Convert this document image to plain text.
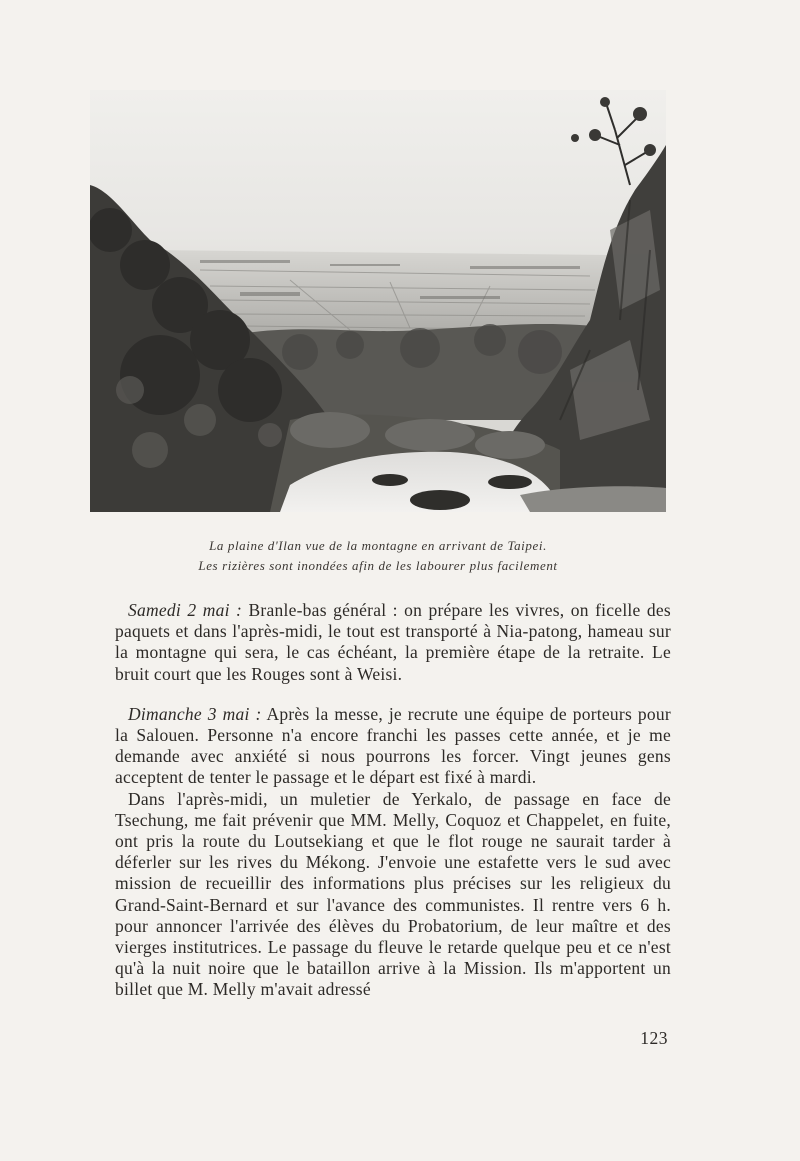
La plaine d'Ilan vue de la montagne en arrivant de Taipei.
Les rizières sont inondées afin de les labourer plus facilement

Samedi 2 mai : Branle-bas général : on prépare les vivres, on ficelle des paquets et dans l'après-midi, le tout est transporté à Nia-patong, hameau sur la montagne qui sera, le cas échéant, la première étape de la retraite. Le bruit court que les Rouges sont à Weisi.

Dimanche 3 mai : Après la messe, je recrute une équipe de porteurs pour la Salouen. Personne n'a encore franchi les passes cette année, et je me demande avec anxiété si nous pourrons les forcer. Vingt jeunes gens acceptent de tenter le passage et le départ est fixé à mardi.

Dans l'après-midi, un muletier de Yerkalo, de passage en face de Tsechung, me fait prévenir que MM. Melly, Coquoz et Chappelet, en fuite, ont pris la route du Loutsekiang et que le flot rouge ne saurait tarder à déferler sur les rives du Mékong. J'envoie une estafette vers le sud avec mission de recueillir des informations plus précises sur les religieux du Grand-Saint-Bernard et sur l'avance des communistes. Il rentre vers 6 h. pour annoncer l'arrivée des élèves du Probatorium, de leur maître et des vierges institutrices. Le passage du fleuve le retarde quelque peu et ce n'est qu'à la nuit noire que le bataillon arrive à la Mission. Ils m'apportent un billet que M. Melly m'avait adressé

123
